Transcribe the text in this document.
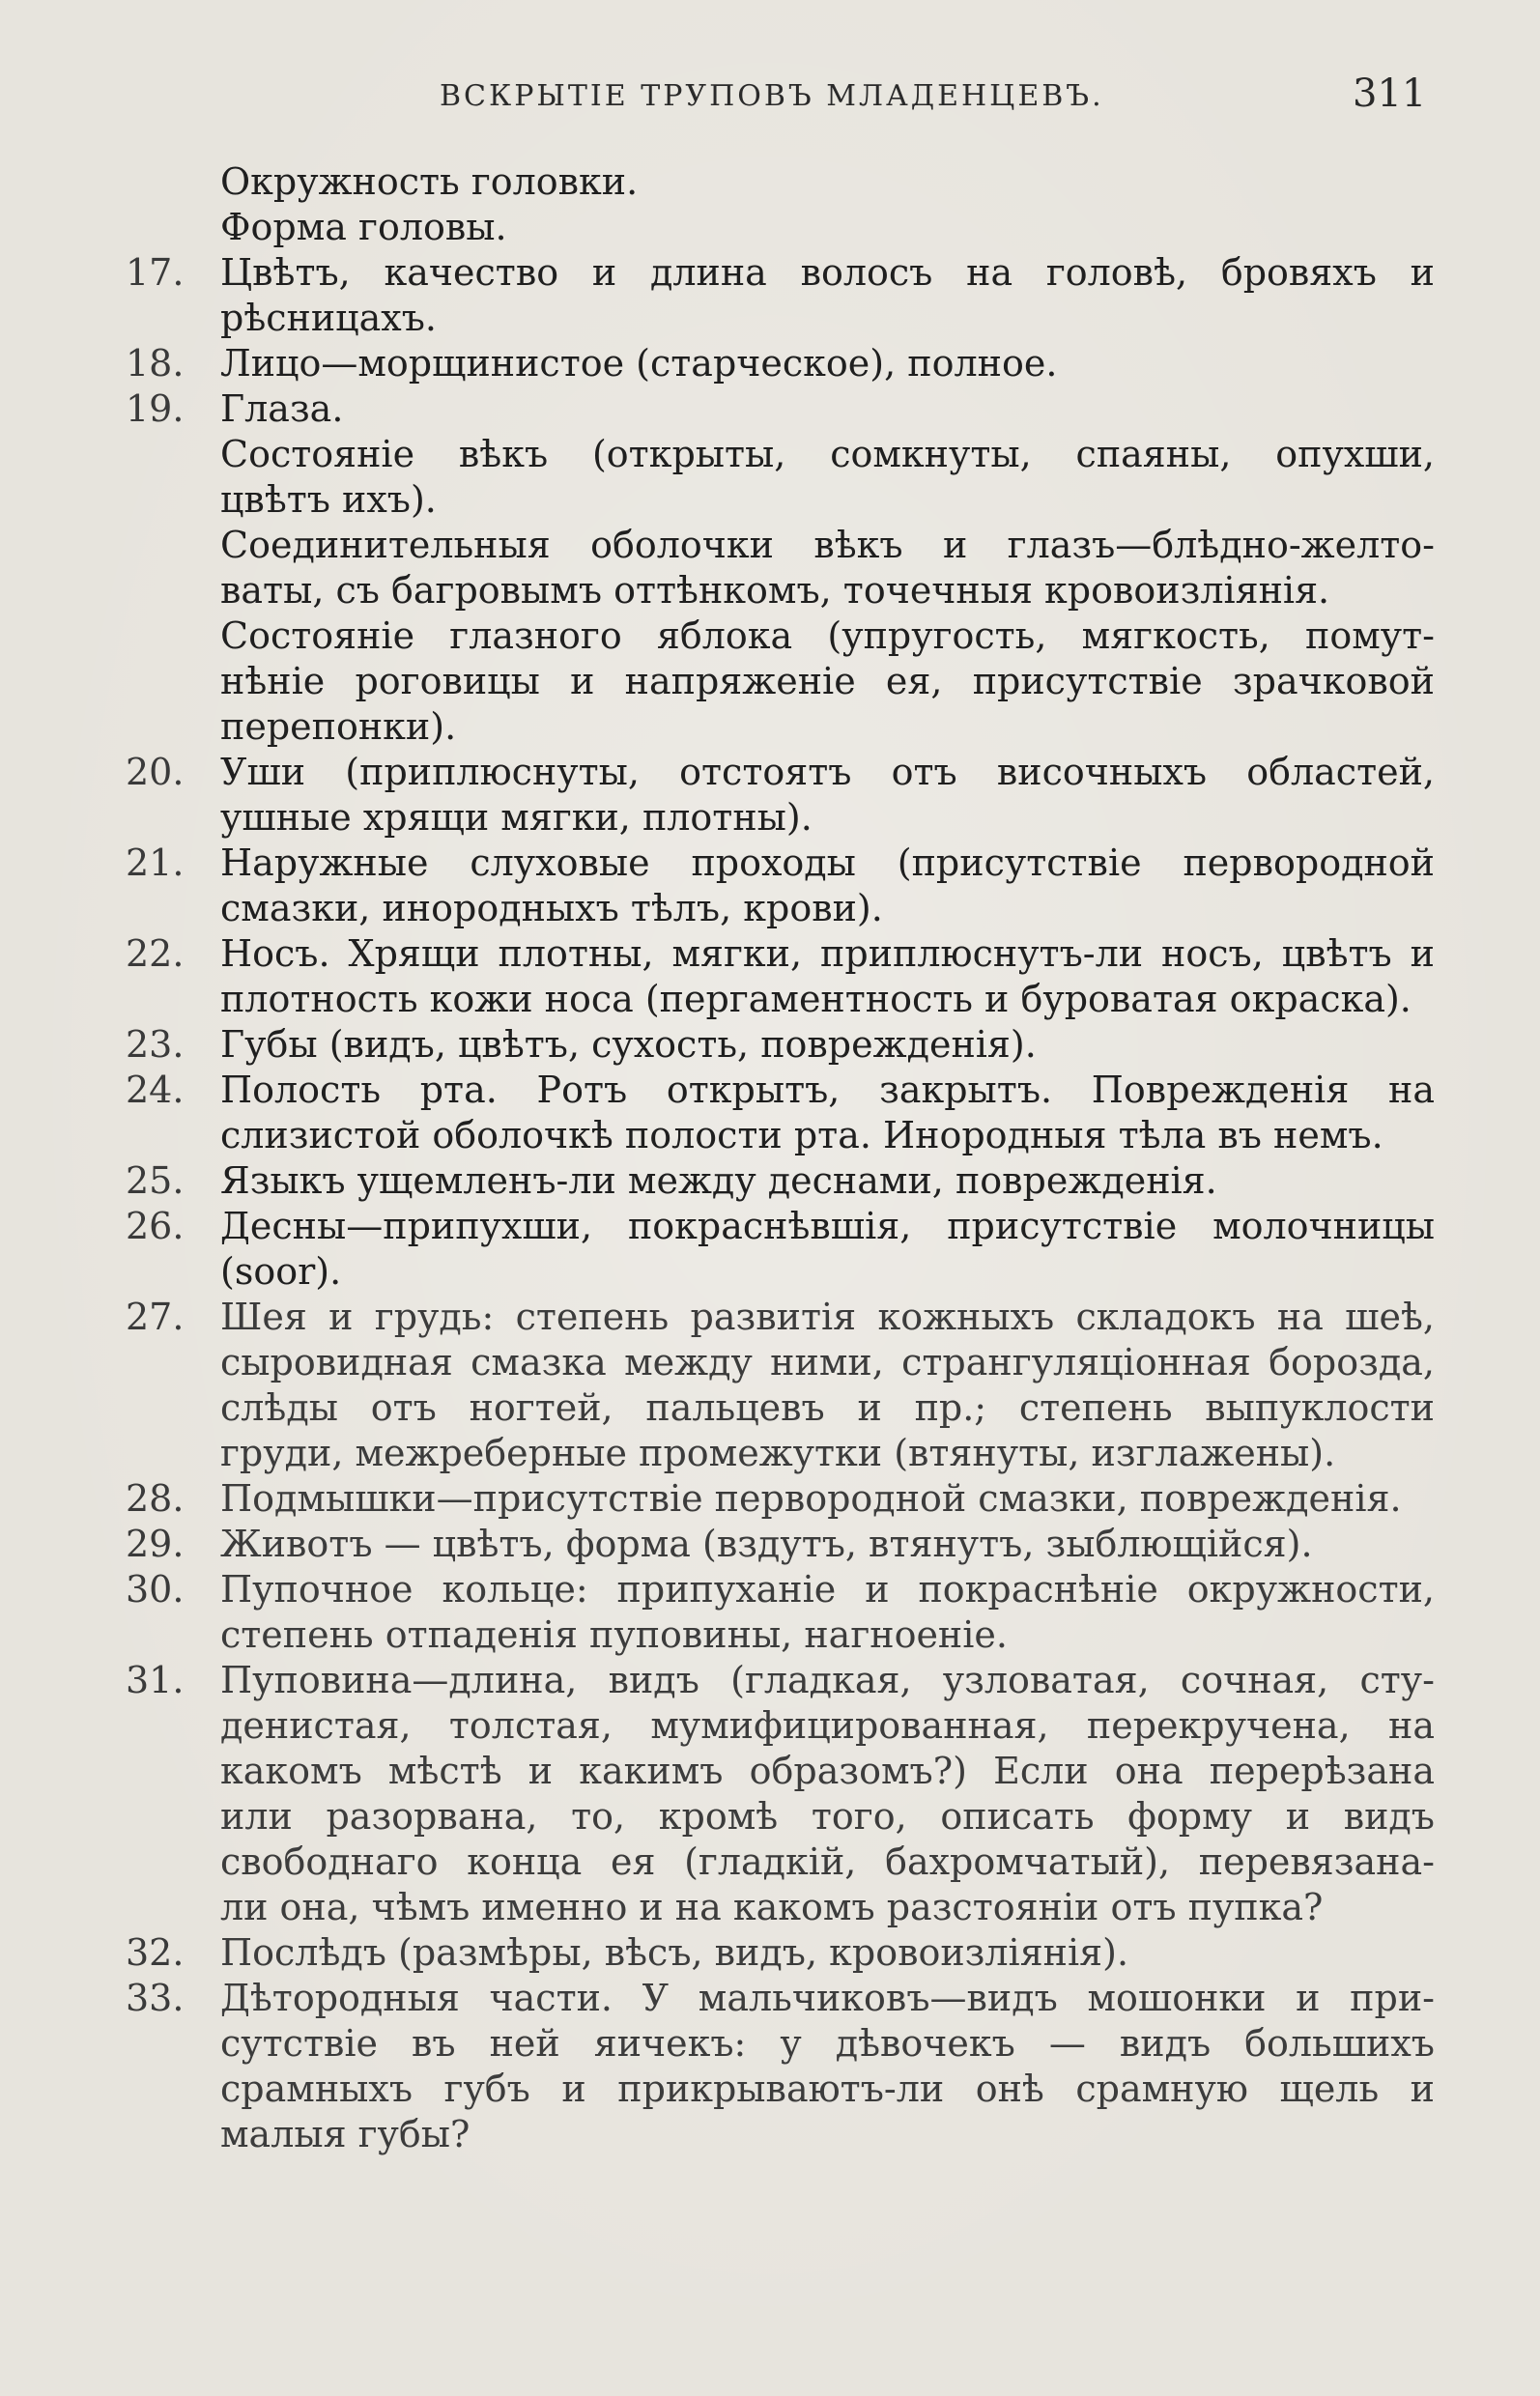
ВСКРЫТІЕ ТРУПОВЪ МЛАДЕНЦЕВЪ.	311
Окружность головки.
Форма головы.
17. Цвѣтъ, качество и длина волосъ на головѣ, бровяхъ и
рѣсницахъ.
18. Лицо—морщинистое (старческое), полное.
19. Глаза.
Состояніе вѣкъ (открыты, сомкнуты, спаяны, опухши,
цвѣтъ ихъ).
Соединительныя оболочки вѣкъ и глазъ—блѣдно-желто-
ваты, съ багровымъ оттѣнкомъ, точечныя кровоизліянія.
Состояніе глазного яблока (упругость, мягкость, помут-
нѣніе роговицы и напряженіе ея, присутствіе зрачковой
перепонки).
20. Уши (приплюснуты, отстоятъ отъ височныхъ областей,
ушные хрящи мягки, плотны).
21. Наружные слуховые проходы (присутствіе первородной
смазки, инородныхъ тѣлъ, крови).
22. Носъ. Хрящи плотны, мягки, приплюснутъ-ли носъ, цвѣтъ и
плотность кожи носа (пергаментность и буроватая окраска).
23. Губы (видъ, цвѣтъ, сухость, поврежденія).
24. Полость рта. Ротъ открытъ, закрытъ. Поврежденія на
слизистой оболочкѣ полости рта. Инородныя тѣла въ немъ.
25. Языкъ ущемленъ-ли между деснами, поврежденія.
26. Десны—припухши, покраснѣвшія, присутствіе молочницы
(soor).
27. Шея и грудь: степень развитія кожныхъ складокъ на шеѣ,
сыровидная смазка между ними, странгуляціонная борозда,
слѣды отъ ногтей, пальцевъ и пр.; степень выпуклости
груди, межреберные промежутки (втянуты, изглажены).
28. Подмышки—присутствіе первородной смазки, поврежденія.
29. Животъ — цвѣтъ, форма (вздутъ, втянутъ, зыблющійся).
30. Пупочное кольце: припуханіе и покраснѣніе окружности,
степень отпаденія пуповины, нагноеніе.
31. Пуповина—длина, видъ (гладкая, узловатая, сочная, сту-
денистая, толстая, мумифицированная, перекручена, на
какомъ мѣстѣ и какимъ образомъ?) Если она перерѣзана
или разорвана, то, кромѣ того, описать форму и видъ
свободнаго конца ея (гладкій, бахромчатый), перевязана-
ли она, чѣмъ именно и на какомъ разстояніи отъ пупка?
32. Послѣдъ (размѣры, вѣсъ, видъ, кровоизліянія).
33. Дѣтородныя части. У мальчиковъ—видъ мошонки и при-
сутствіе въ ней яичекъ: у дѣвочекъ — видъ большихъ
срамныхъ губъ и прикрываютъ-ли онѣ срамную щель и
малыя губы?
